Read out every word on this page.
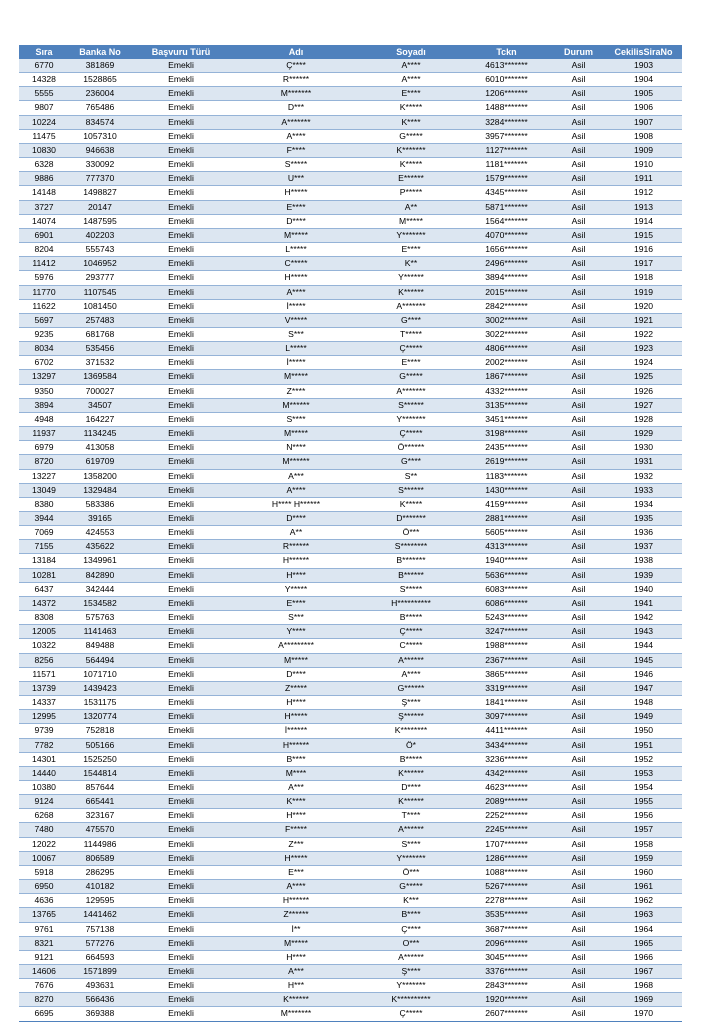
Sıra	Banka No	Başvuru Türü	Adı	Soyadı	Tckn	Durum	CekilisSiraNo
6770	381869	Emekli	Ç****	A****	4613*******	Asil	1903
14328	1528865	Emekli	R******	A****	6010*******	Asil	1904
5555	236004	Emekli	M*******	E****	1206*******	Asil	1905
9807	765486	Emekli	D***	K*****	1488*******	Asil	1906
10224	834574	Emekli	A*******	K****	3284*******	Asil	1907
11475	1057310	Emekli	A****	G*****	3957*******	Asil	1908
10830	946638	Emekli	F****	K*******	1127*******	Asil	1909
6328	330092	Emekli	S*****	K*****	1181*******	Asil	1910
9886	777370	Emekli	U***	E******	1579*******	Asil	1911
14148	1498827	Emekli	H*****	P*****	4345*******	Asil	1912
3727	20147	Emekli	E****	A**	5871*******	Asil	1913
14074	1487595	Emekli	D****	M*****	1564*******	Asil	1914
6901	402203	Emekli	M*****	Y*******	4070*******	Asil	1915
8204	555743	Emekli	L*****	E****	1656*******	Asil	1916
11412	1046952	Emekli	C*****	K**	2496*******	Asil	1917
5976	293777	Emekli	H*****	Y******	3894*******	Asil	1918
11770	1107545	Emekli	A****	K******	2015*******	Asil	1919
11622	1081450	Emekli	İ*****	A*******	2842*******	Asil	1920
5697	257483	Emekli	V*****	G****	3002*******	Asil	1921
9235	681768	Emekli	S***	T*****	3022*******	Asil	1922
8034	535456	Emekli	L*****	Ç*****	4806*******	Asil	1923
6702	371532	Emekli	İ*****	E****	2002*******	Asil	1924
13297	1369584	Emekli	M*****	G*****	1867*******	Asil	1925
9350	700027	Emekli	Z****	A*******	4332*******	Asil	1926
3894	34507	Emekli	M******	S******	3135*******	Asil	1927
4948	164227	Emekli	S****	Y*******	3451*******	Asil	1928
11937	1134245	Emekli	M*****	Ç*****	3198*******	Asil	1929
6979	413058	Emekli	N****	Ö******	2435*******	Asil	1930
8720	619709	Emekli	M******	G****	2619*******	Asil	1931
13227	1358200	Emekli	A***	S**	1183*******	Asil	1932
13049	1329484	Emekli	A****	S******	1430*******	Asil	1933
8380	583386	Emekli	H**** H******	K*****	4159*******	Asil	1934
3944	39165	Emekli	D****	D*******	2881*******	Asil	1935
7069	424553	Emekli	A**	Ö***	5605*******	Asil	1936
7155	435622	Emekli	R******	S********	4313*******	Asil	1937
13184	1349961	Emekli	H******	B*******	1940*******	Asil	1938
10281	842890	Emekli	H****	B******	5636*******	Asil	1939
6437	342444	Emekli	Y*****	S*****	6083*******	Asil	1940
14372	1534582	Emekli	E****	H**********	6086*******	Asil	1941
8308	575763	Emekli	S***	B*****	5243*******	Asil	1942
12005	1141463	Emekli	Y****	Ç*****	3247*******	Asil	1943
10322	849488	Emekli	A*********	C*****	1988*******	Asil	1944
8256	564494	Emekli	M*****	A******	2367*******	Asil	1945
11571	1071710	Emekli	D****	A****	3865*******	Asil	1946
13739	1439423	Emekli	Z*****	G******	3319*******	Asil	1947
14337	1531175	Emekli	H****	Ş****	1841*******	Asil	1948
12995	1320774	Emekli	H*****	Ş******	3097*******	Asil	1949
9739	752818	Emekli	İ******	K********	4411*******	Asil	1950
7782	505166	Emekli	H******	Ö*	3434*******	Asil	1951
14301	1525250	Emekli	B****	B*****	3236*******	Asil	1952
14440	1544814	Emekli	M****	K******	4342*******	Asil	1953
10380	857644	Emekli	A***	D****	4623*******	Asil	1954
9124	665441	Emekli	K****	K******	2089*******	Asil	1955
6268	323167	Emekli	H****	T****	2252*******	Asil	1956
7480	475570	Emekli	F*****	A******	2245*******	Asil	1957
12022	1144986	Emekli	Z***	S****	1707*******	Asil	1958
10067	806589	Emekli	H*****	Y*******	1286*******	Asil	1959
5918	286295	Emekli	E***	Ö***	1088*******	Asil	1960
6950	410182	Emekli	A****	G*****	5267*******	Asil	1961
4636	129595	Emekli	H******	K***	2278*******	Asil	1962
13765	1441462	Emekli	Z******	B****	3535*******	Asil	1963
9761	757138	Emekli	İ**	Ç****	3687*******	Asil	1964
8321	577276	Emekli	M*****	O***	2096*******	Asil	1965
9121	664593	Emekli	H****	A******	3045*******	Asil	1966
14606	1571899	Emekli	A***	Ş****	3376*******	Asil	1967
7676	493631	Emekli	H***	Y*******	2843*******	Asil	1968
8270	566436	Emekli	K******	K**********	1920*******	Asil	1969
6695	369388	Emekli	M*******	Ç*****	2607*******	Asil	1970
